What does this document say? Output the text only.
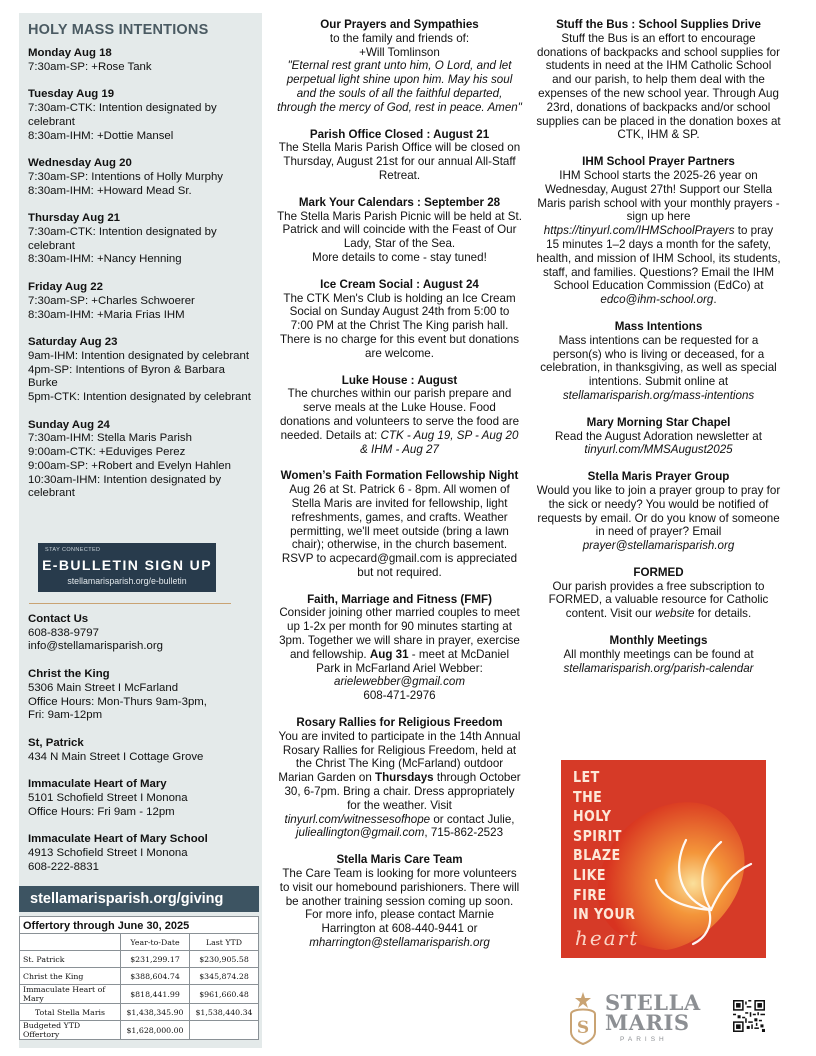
HOLY MASS INTENTIONS
Monday Aug 18
7:30am-SP: +Rose Tank
Tuesday Aug 19
7:30am-CTK: Intention designated by celebrant
8:30am-IHM: +Dottie Mansel
Wednesday Aug 20
7:30am-SP: Intentions of Holly Murphy
8:30am-IHM: +Howard Mead Sr.
Thursday Aug 21
7:30am-CTK: Intention designated by celebrant
8:30am-IHM: +Nancy Henning
Friday Aug 22
7:30am-SP: +Charles Schwoerer
8:30am-IHM: +Maria Frias IHM
Saturday Aug 23
9am-IHM: Intention designated by celebrant
4pm-SP: Intentions of Byron & Barbara Burke
5pm-CTK: Intention designated by celebrant
Sunday Aug 24
7:30am-IHM: Stella Maris Parish
9:00am-CTK: +Eduviges Perez
9:00am-SP: +Robert and Evelyn Hahlen
10:30am-IHM: Intention designated by celebrant
STAY CONNECTED
E-BULLETIN SIGN UP
stellamarisparish.org/e-bulletin
Contact Us
608-838-9797
info@stellamarisparish.org
Christ the King
5306 Main Street I McFarland
Office Hours: Mon-Thurs 9am-3pm,
Fri: 9am-12pm
St, Patrick
434 N Main Street I Cottage Grove
Immaculate Heart of Mary
5101 Schofield Street I Monona
Office Hours: Fri 9am - 12pm
Immaculate Heart of Mary School
4913 Schofield Street I Monona
608-222-8831
stellamarisparish.org/giving
Offertory through June 30, 2025
	Year-to-Date	Last YTD
St. Patrick	$231,299.17	$230,905.58
Christ the King	$388,604.74	$345,874.28
Immaculate Heart of Mary	$818,441.99	$961,660.48
Total Stella Maris	$1,438,345.90	$1,538,440.34
Budgeted YTD Offertory	$1,628,000.00	
Our Prayers and Sympathies
to the family and friends of:
+Will Tomlinson
"Eternal rest grant unto him, O Lord, and let perpetual light shine upon him. May his soul and the souls of all the faithful departed, through the mercy of God, rest in peace. Amen"
Parish Office Closed : August 21
The Stella Maris Parish Office will be closed on Thursday, August 21st for our annual All-Staff Retreat.
Mark Your Calendars : September 28
The Stella Maris Parish Picnic will be held at St. Patrick and will coincide with the Feast of Our Lady, Star of the Sea.
More details to come - stay tuned!
Ice Cream Social : August 24
The CTK Men's Club is holding an Ice Cream Social on Sunday August 24th from 5:00 to 7:00 PM at the Christ The King parish hall. There is no charge for this event but donations are welcome.
Luke House : August
The churches within our parish prepare and serve meals at the Luke House. Food donations and volunteers to serve the food are needed. Details at: CTK - Aug 19, SP - Aug 20 & IHM - Aug 27
Women’s Faith Formation Fellowship Night
Aug 26 at St. Patrick 6 - 8pm. All women of Stella Maris are invited for fellowship, light refreshments, games, and crafts. Weather permitting, we'll meet outside (bring a lawn chair); otherwise, in the church basement. RSVP to acpecard@gmail.com is appreciated but not required.
Faith, Marriage and Fitness (FMF)
Consider joining other married couples to meet up 1-2x per month for 90 minutes starting at 3pm. Together we will share in prayer, exercise and fellowship. Aug 31 - meet at McDaniel Park in McFarland Ariel Webber: arielewebber@gmail.com
608-471-2976
Rosary Rallies for Religious Freedom
You are invited to participate in the 14th Annual Rosary Rallies for Religious Freedom, held at the Christ The King (McFarland) outdoor Marian Garden on Thursdays through October 30, 6-7pm. Bring a chair. Dress appropriately for the weather. Visit tinyurl.com/witnessesofhope or contact Julie, julieallington@gmail.com, 715-862-2523
Stella Maris Care Team
The Care Team is looking for more volunteers to visit our homebound parishioners. There will be another training session coming up soon. For more info, please contact Marnie Harrington at 608-440-9441 or
mharrington@stellamarisparish.org
Stuff the Bus : School Supplies Drive
Stuff the Bus is an effort to encourage donations of backpacks and school supplies for students in need at the IHM Catholic School and our parish, to help them deal with the expenses of the new school year. Through Aug 23rd, donations of backpacks and/or school supplies can be placed in the donation boxes at CTK, IHM & SP.
IHM School Prayer Partners
IHM School starts the 2025-26 year on Wednesday, August 27th! Support our Stella Maris parish school with your monthly prayers - sign up here https://tinyurl.com/IHMSchoolPrayers to pray 15 minutes 1–2 days a month for the safety, health, and mission of IHM School, its students, staff, and families. Questions? Email the IHM School Education Commission (EdCo) at edco@ihm-school.org.
Mass Intentions
Mass intentions can be requested for a person(s) who is living or deceased, for a celebration, in thanksgiving, as well as special intentions. Submit online at
stellamarisparish.org/mass-intentions
Mary Morning Star Chapel
Read the August Adoration newsletter at
tinyurl.com/MMSAugust2025
Stella Maris Prayer Group
Would you like to join a prayer group to pray for the sick or needy? You would be notified of requests by email. Or do you know of someone in need of prayer? Email
prayer@stellamarisparish.org
FORMED
Our parish provides a free subscription to FORMED, a valuable resource for Catholic content. Visit our website for details.
Monthly Meetings
All monthly meetings can be found at
stellamarisparish.org/parish-calendar
LET
THE
HOLY
SPIRIT
BLAZE
LIKE
FIRE
IN YOUR
heart
S
STELLA
MARIS
PARISH
